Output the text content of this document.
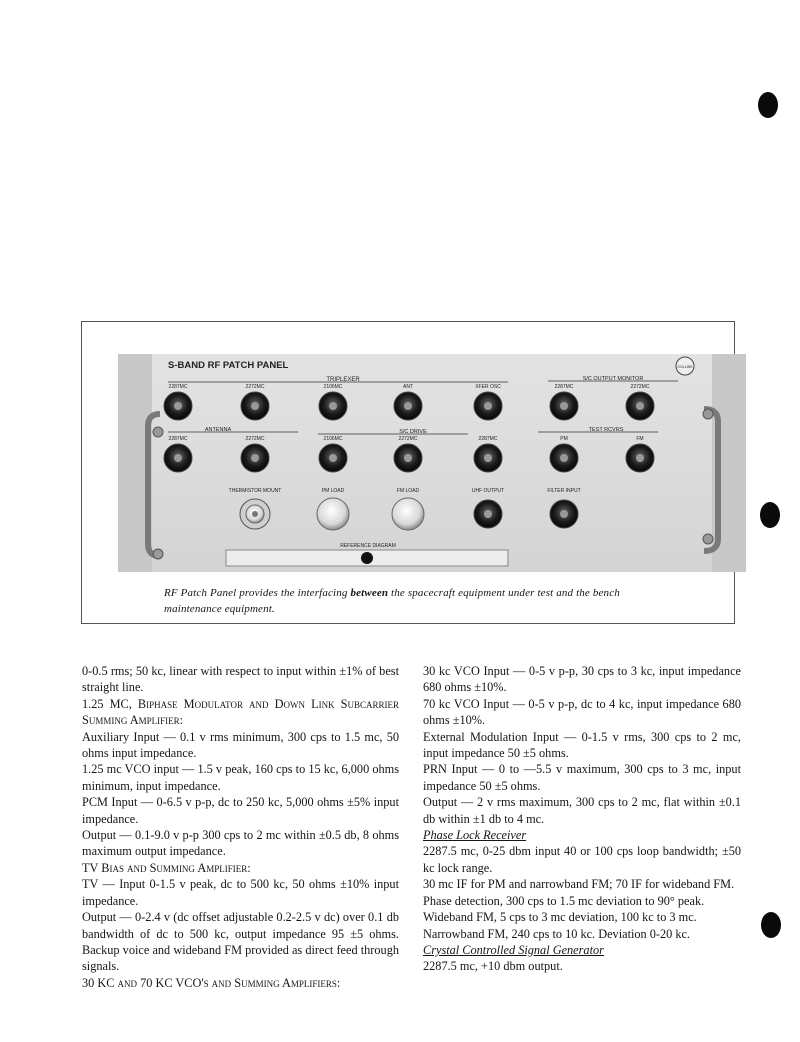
S-BAND RF PATCH PANEL	COLLINS
TRIPLEXER	S/C OUTPUT MONITOR
ANTENNA	S/C DRIVE	TEST RCVRS
2287MC	2272MC	2106MC	ANT	XFER OSC	2287MC	2272MC
2287MC	2272MC	2106MC	2272MC	2287MC	PM	FM
THERMISTOR MOUNT	PM LOAD	FM LOAD	UHF OUTPUT	FILTER INPUT
REFERENCE DIAGRAM
RF Patch Panel provides the interfacing between the spacecraft equipment under test and the bench maintenance equipment.

0-0.5 rms; 50 kc, linear with respect to input within ±1% of best straight line.

1.25 MC, Biphase Modulator and Down Link Subcarrier Summing Amplifier:

Auxiliary Input — 0.1 v rms minimum, 300 cps to 1.5 mc, 50 ohms input impedance.

1.25 mc VCO input — 1.5 v peak, 160 cps to 15 kc, 6,000 ohms minimum, input impedance.

PCM Input — 0-6.5 v p-p, dc to 250 kc, 5,000 ohms ±5% input impedance.

Output — 0.1-9.0 v p-p 300 cps to 2 mc within ±0.5 db, 8 ohms maximum output impedance.

TV Bias and Summing Amplifier:

TV — Input 0-1.5 v peak, dc to 500 kc, 50 ohms ±10% input impedance.

Output — 0-2.4 v (dc offset adjustable 0.2-2.5 v dc) over 0.1 db bandwidth of dc to 500 kc, output impedance 95 ±5 ohms. Backup voice and wideband FM provided as direct feed through signals.

30 KC and 70 KC VCO's and Summing Amplifiers:

30 kc VCO Input — 0-5 v p-p, 30 cps to 3 kc, input impedance 680 ohms ±10%.

70 kc VCO Input — 0-5 v p-p, dc to 4 kc, input impedance 680 ohms ±10%.

External Modulation Input — 0-1.5 v rms, 300 cps to 2 mc, input impedance 50 ±5 ohms.

PRN Input — 0 to —5.5 v maximum, 300 cps to 3 mc, input impedance 50 ±5 ohms.

Output — 2 v rms maximum, 300 cps to 2 mc, flat within ±0.1 db within ±1 db to 4 mc.

Phase Lock Receiver

2287.5 mc, 0-25 dbm input 40 or 100 cps loop bandwidth; ±50 kc lock range.

30 mc IF for PM and narrowband FM; 70 IF for wideband FM.

Phase detection, 300 cps to 1.5 mc deviation to 90° peak.

Wideband FM, 5 cps to 3 mc deviation, 100 kc to 3 mc.

Narrowband FM, 240 cps to 10 kc. Deviation 0-20 kc.

Crystal Controlled Signal Generator

2287.5 mc, +10 dbm output.
